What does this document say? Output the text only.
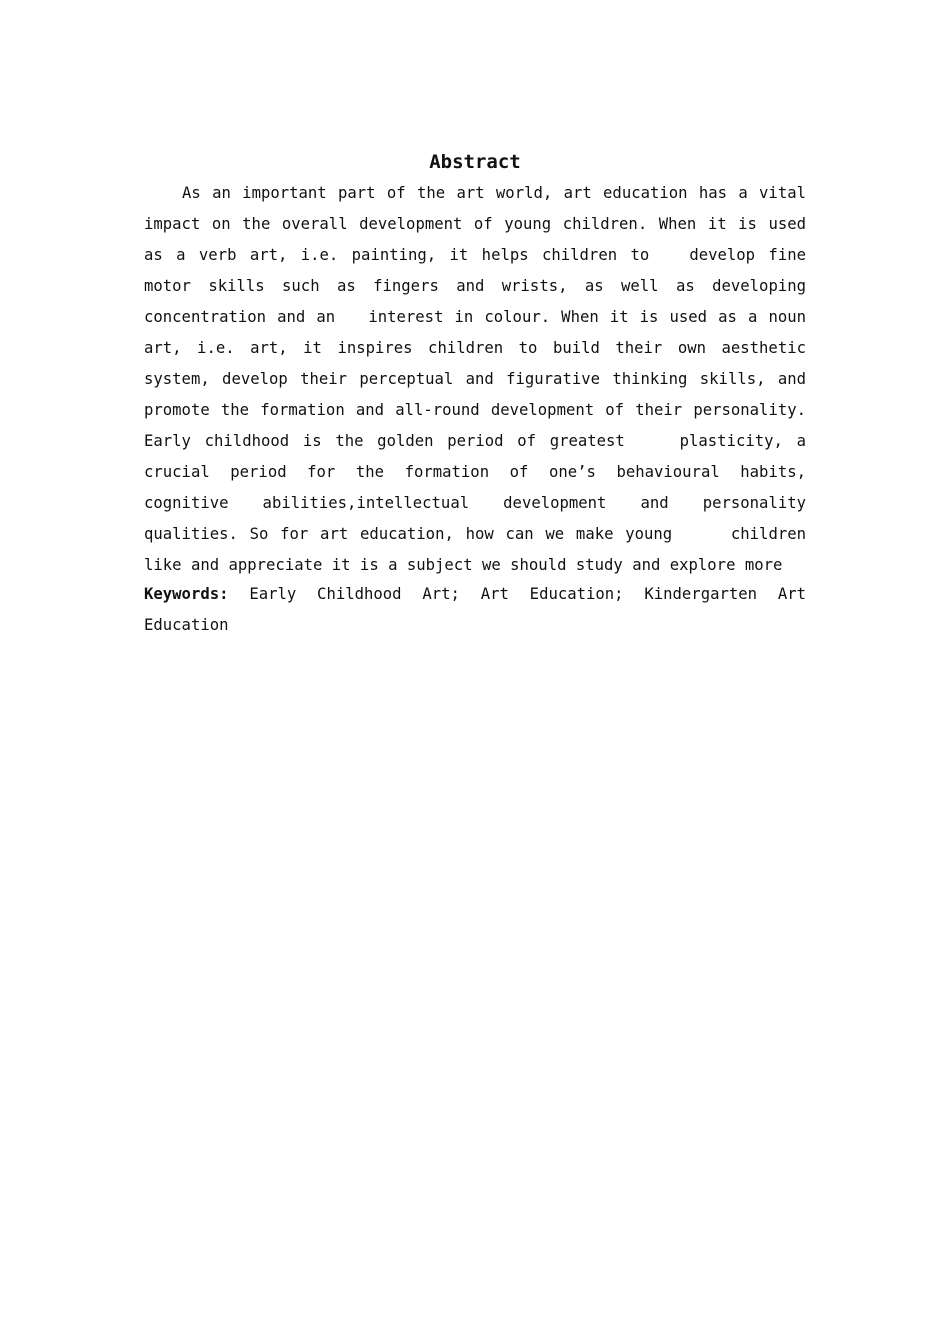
Abstract

As an important part of the art world, art education has a vital impact on the overall development of young children. When it is used as a verb art, i.e. painting, it helps children to   develop fine motor skills such as fingers and wrists, as well as developing concentration and an   interest in colour. When it is used as a noun art, i.e. art, it inspires children to build their own aesthetic system, develop their perceptual and figurative thinking skills, and promote the formation and all-round development of their personality. Early childhood is the golden period of greatest    plasticity, a crucial period for the formation of one’s behavioural habits, cognitive abilities,intellectual development and personality qualities. So for art education, how can we make young     children like and appreciate it is a subject we should study and explore more

Keywords: Early Childhood Art; Art Education; Kindergarten Art Education
